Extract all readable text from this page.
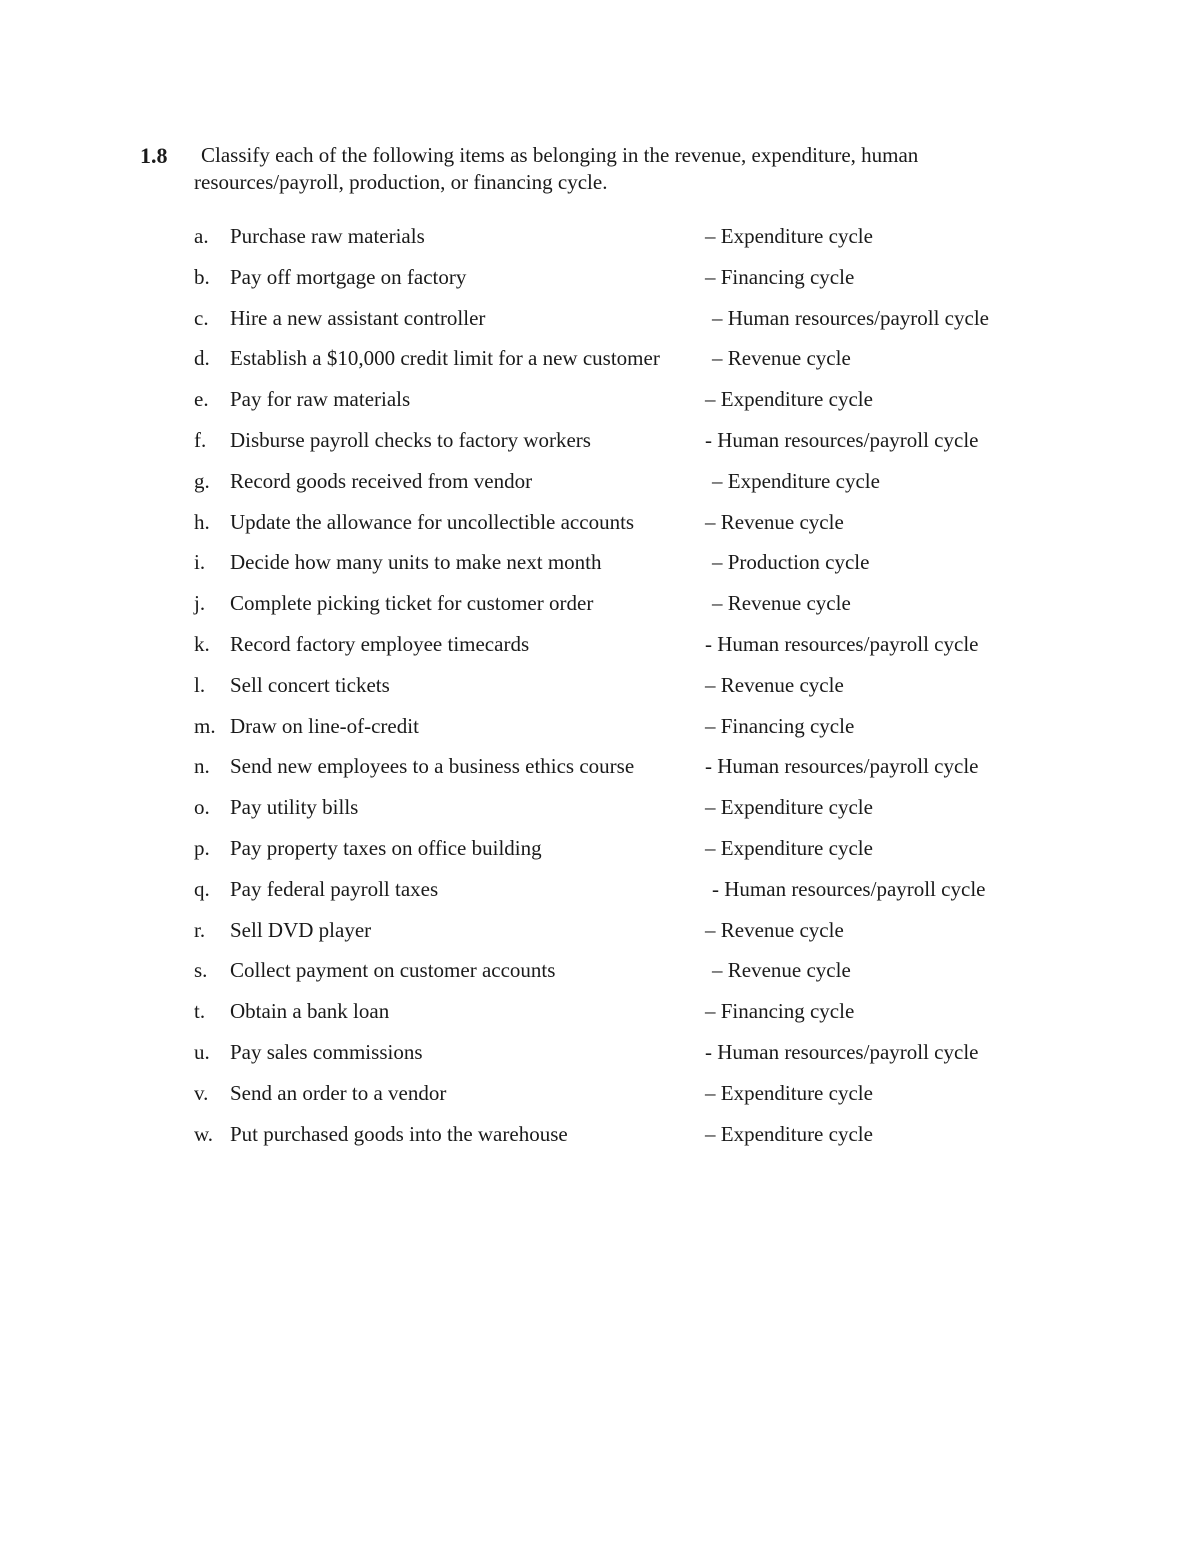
1.8	Classify each of the following items as belonging in the revenue, expenditure, human resources/payroll, production, or financing cycle.
a. Purchase raw materials	– Expenditure cycle
b. Pay off mortgage on factory	– Financing cycle
c. Hire a new assistant controller	– Human resources/payroll cycle
d. Establish a $10,000 credit limit for a new customer – Revenue cycle
e. Pay for raw materials	– Expenditure cycle
f. Disburse payroll checks to factory workers	- Human resources/payroll cycle
g. Record goods received from vendor	– Expenditure cycle
h. Update the allowance for uncollectible accounts	– Revenue cycle
i. Decide how many units to make next month	– Production cycle
j. Complete picking ticket for customer order	– Revenue cycle
k. Record factory employee timecards	- Human resources/payroll cycle
l. Sell concert tickets	– Revenue cycle
m. Draw on line-of-credit	– Financing cycle
n. Send new employees to a business ethics course	- Human resources/payroll cycle
o. Pay utility bills	– Expenditure cycle
p. Pay property taxes on office building	– Expenditure cycle
q. Pay federal payroll taxes	- Human resources/payroll cycle
r. Sell DVD player	– Revenue cycle
s. Collect payment on customer accounts	– Revenue cycle
t. Obtain a bank loan	– Financing cycle
u. Pay sales commissions	- Human resources/payroll cycle
v. Send an order to a vendor	– Expenditure cycle
w. Put purchased goods into the warehouse	– Expenditure cycle
